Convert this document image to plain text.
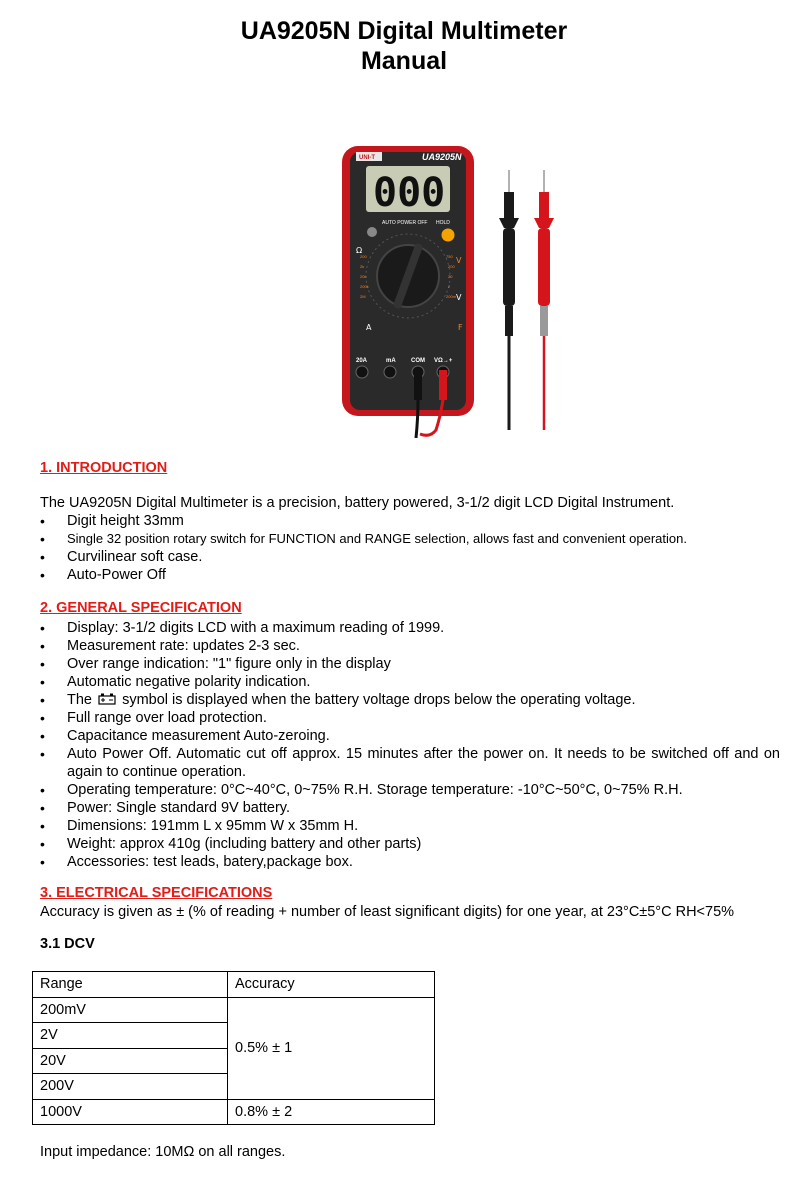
UA9205N Digital Multimeter
Manual
UNI-T	UA9205N
000
AUTO POWER OFF HOLD
200
2k
20k
200k
2M
750
200
20
2
200m
Ω
V
V
A	F
20A	mA	COM VΩ→+
1. INTRODUCTION

The UA9205N Digital Multimeter is a precision, battery powered, 3-1/2 digit LCD Digital Instrument.

• Digit height 33mm
• Single 32 position rotary switch for FUNCTION and RANGE selection, allows fast and convenient operation.
• Curvilinear soft case.
• Auto-Power Off
2. GENERAL SPECIFICATION
• Display: 3-1/2 digits LCD with a maximum reading of 1999.
• Measurement rate: updates 2-3 sec.
• Over range indication: "1" figure only in the display
• Automatic negative polarity indication.
• The symbol is displayed when the battery voltage drops below the operating voltage.
• Full range over load protection.
• Capacitance measurement Auto-zeroing.
• Auto Power Off. Automatic cut off approx. 15 minutes after the power on. It needs to be switched off and on again to continue operation.
• Operating temperature: 0°C~40°C, 0~75% R.H. Storage temperature: -10°C~50°C, 0~75% R.H.
• Power: Single standard 9V battery.
• Dimensions: 191mm L x 95mm W x 35mm H.
• Weight: approx 410g (including battery and other parts)
• Accessories: test leads, batery,package box.
3. ELECTRICAL SPECIFICATIONS

Accuracy is given as ± (% of reading + number of least significant digits) for one year, at 23°C±5°C RH<75%

3.1 DCV
Range	Accuracy
200mV	0.5% ± 1
2V	
20V	
200V	
1000V	0.8% ± 2

Input impedance: 10MΩ on all ranges.
